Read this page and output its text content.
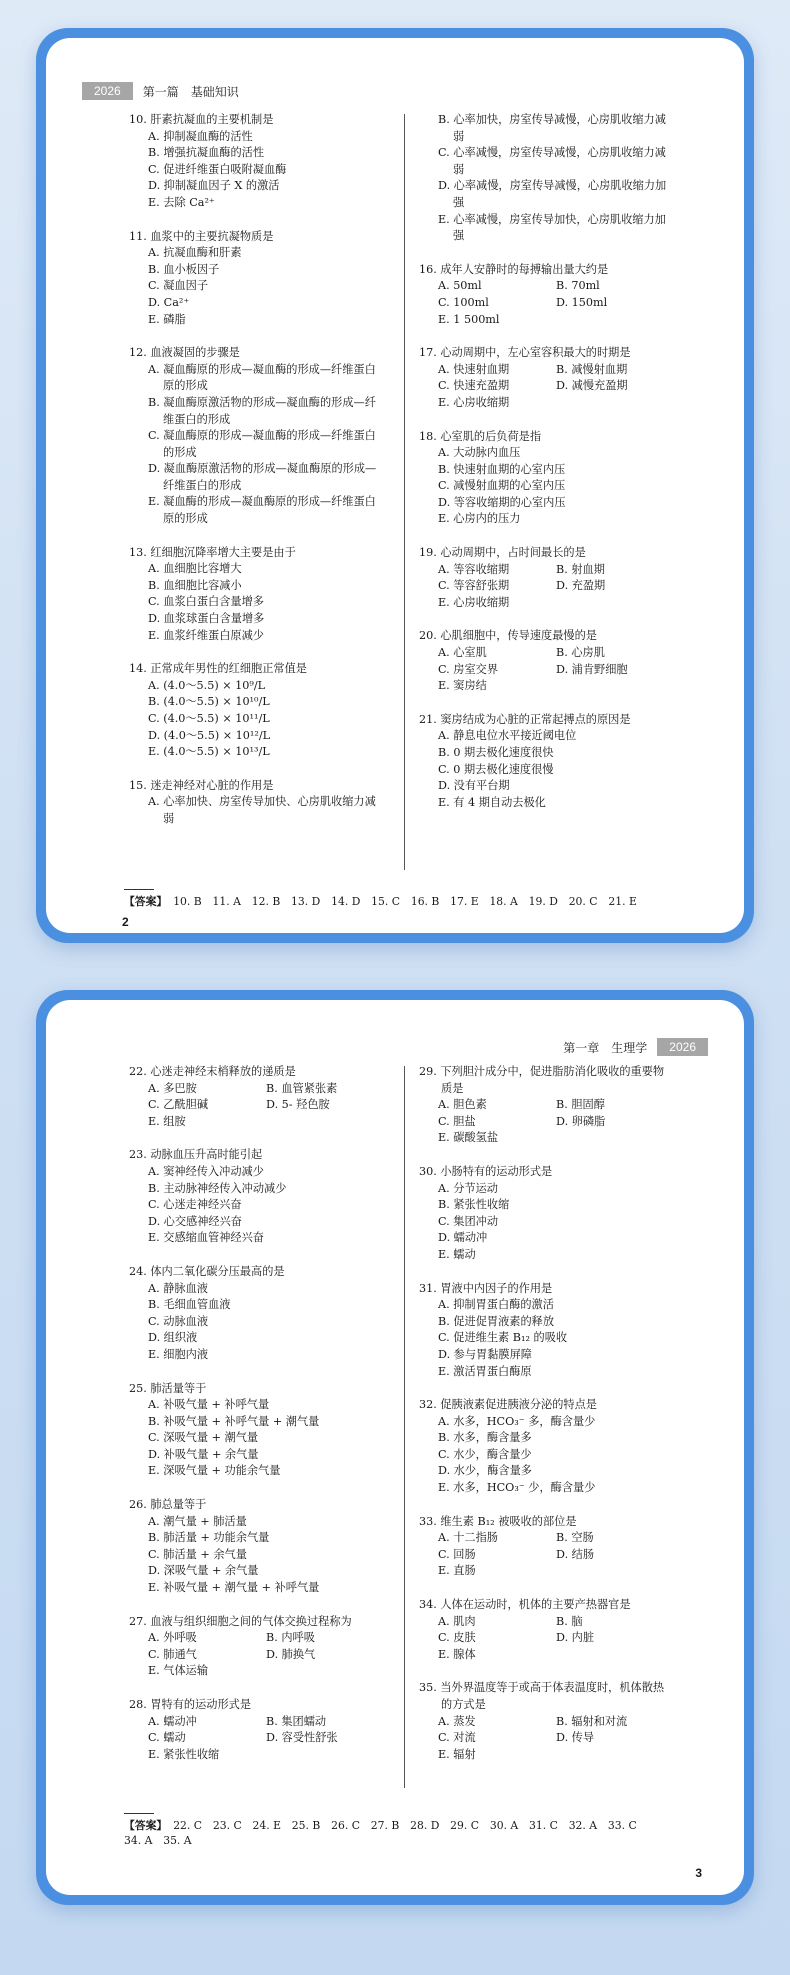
2026	第一篇　基础知识
10. 肝素抗凝血的主要机制是
A. 抑制凝血酶的活性
B. 增强抗凝血酶的活性
C. 促进纤维蛋白吸附凝血酶
D. 抑制凝血因子 X 的激活
E. 去除 Ca²⁺
11. 血浆中的主要抗凝物质是
A. 抗凝血酶和肝素
B. 血小板因子
C. 凝血因子
D. Ca²⁺
E. 磷脂
12. 血液凝固的步骤是
A. 凝血酶原的形成—凝血酶的形成—纤维蛋白原的形成
B. 凝血酶原激活物的形成—凝血酶的形成—纤维蛋白的形成
C. 凝血酶原的形成—凝血酶的形成—纤维蛋白的形成
D. 凝血酶原激活物的形成—凝血酶原的形成—纤维蛋白的形成
E. 凝血酶的形成—凝血酶原的形成—纤维蛋白原的形成
13. 红细胞沉降率增大主要是由于
A. 血细胞比容增大
B. 血细胞比容减小
C. 血浆白蛋白含量增多
D. 血浆球蛋白含量增多
E. 血浆纤维蛋白原减少
14. 正常成年男性的红细胞正常值是
A. (4.0～5.5) × 10⁹/L
B. (4.0～5.5) × 10¹⁰/L
C. (4.0～5.5) × 10¹¹/L
D. (4.0～5.5) × 10¹²/L
E. (4.0～5.5) × 10¹³/L
15. 迷走神经对心脏的作用是
A. 心率加快、房室传导加快、心房肌收缩力减弱
B. 心率加快，房室传导减慢，心房肌收缩力减弱
C. 心率减慢，房室传导减慢，心房肌收缩力减弱
D. 心率减慢，房室传导减慢，心房肌收缩力加强
E. 心率减慢，房室传导加快，心房肌收缩力加强
16. 成年人安静时的每搏输出量大约是
A. 50ml	B. 70ml
C. 100ml	D. 150ml
E. 1 500ml
17. 心动周期中，左心室容积最大的时期是
A. 快速射血期	B. 减慢射血期
C. 快速充盈期	D. 减慢充盈期
E. 心房收缩期
18. 心室肌的后负荷是指
A. 大动脉内血压
B. 快速射血期的心室内压
C. 减慢射血期的心室内压
D. 等容收缩期的心室内压
E. 心房内的压力
19. 心动周期中，占时间最长的是
A. 等容收缩期	B. 射血期
C. 等容舒张期	D. 充盈期
E. 心房收缩期
20. 心肌细胞中，传导速度最慢的是
A. 心室肌	B. 心房肌
C. 房室交界	D. 浦肯野细胞
E. 窦房结
21. 窦房结成为心脏的正常起搏点的原因是
A. 静息电位水平接近阈电位
B. 0 期去极化速度很快
C. 0 期去极化速度很慢
D. 没有平台期
E. 有 4 期自动去极化
【答案】 10. B　11. A　12. B　13. D　14. D　15. C　16. B　17. E　18. A　19. D　20. C　21. E
2
第一章　生理学	2026
22. 心迷走神经末梢释放的递质是
A. 多巴胺	B. 血管紧张素
C. 乙酰胆碱	D. 5- 羟色胺
E. 组胺
23. 动脉血压升高时能引起
A. 窦神经传入冲动减少
B. 主动脉神经传入冲动减少
C. 心迷走神经兴奋
D. 心交感神经兴奋
E. 交感缩血管神经兴奋
24. 体内二氧化碳分压最高的是
A. 静脉血液
B. 毛细血管血液
C. 动脉血液
D. 组织液
E. 细胞内液
25. 肺活量等于
A. 补吸气量 + 补呼气量
B. 补吸气量 + 补呼气量 + 潮气量
C. 深吸气量 + 潮气量
D. 补吸气量 + 余气量
E. 深吸气量 + 功能余气量
26. 肺总量等于
A. 潮气量 + 肺活量
B. 肺活量 + 功能余气量
C. 肺活量 + 余气量
D. 深吸气量 + 余气量
E. 补吸气量 + 潮气量 + 补呼气量
27. 血液与组织细胞之间的气体交换过程称为
A. 外呼吸	B. 内呼吸
C. 肺通气	D. 肺换气
E. 气体运输
28. 胃特有的运动形式是
A. 蠕动冲	B. 集团蠕动
C. 蠕动	D. 容受性舒张
E. 紧张性收缩
29. 下列胆汁成分中，促进脂肪消化吸收的重要物质是
A. 胆色素	B. 胆固醇
C. 胆盐	D. 卵磷脂
E. 碳酸氢盐
30. 小肠特有的运动形式是
A. 分节运动
B. 紧张性收缩
C. 集团冲动
D. 蠕动冲
E. 蠕动
31. 胃液中内因子的作用是
A. 抑制胃蛋白酶的激活
B. 促进促胃液素的释放
C. 促进维生素 B₁₂ 的吸收
D. 参与胃黏膜屏障
E. 激活胃蛋白酶原
32. 促胰液素促进胰液分泌的特点是
A. 水多，HCO₃⁻ 多，酶含量少
B. 水多，酶含量多
C. 水少，酶含量少
D. 水少，酶含量多
E. 水多，HCO₃⁻ 少，酶含量少
33. 维生素 B₁₂ 被吸收的部位是
A. 十二指肠	B. 空肠
C. 回肠	D. 结肠
E. 直肠
34. 人体在运动时，机体的主要产热器官是
A. 肌肉	B. 脑
C. 皮肤	D. 内脏
E. 腺体
35. 当外界温度等于或高于体表温度时，机体散热的方式是
A. 蒸发	B. 辐射和对流
C. 对流	D. 传导
E. 辐射
【答案】 22. C　23. C　24. E　25. B　26. C　27. B　28. D　29. C　30. A　31. C　32. A　33. C　34. A　35. A
3
